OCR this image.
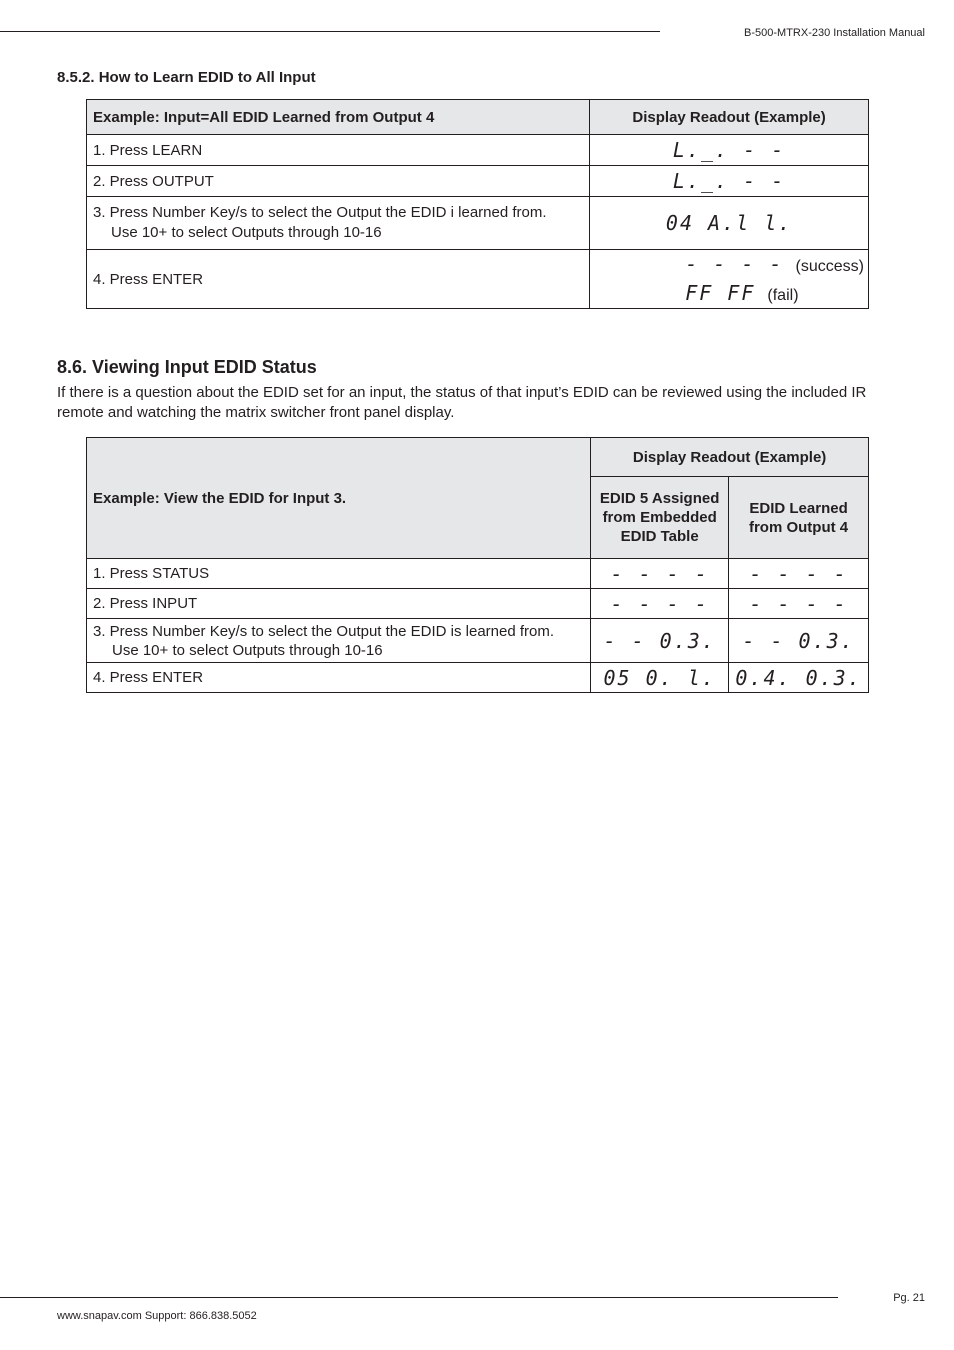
B-500-MTRX-230 Installation Manual
8.5.2. How to Learn EDID to All Input
Example: Input=All EDID Learned from Output 4	Display Readout (Example)
1. Press LEARN	L._. - -
2. Press OUTPUT	L._. - -
3. Press Number Key/s to select the Output the EDID i learned from.
Use 10+ to select Outputs through 10-16	04 A.l l.
4. Press ENTER	- - - - (success)
FF FF (fail)
8.6. Viewing Input EDID Status
If there is a question about the EDID set for an input, the status of that input’s EDID can be reviewed using the included IR remote and watching the matrix switcher front panel display.
Example: View the EDID for Input 3.	Display Readout (Example)	
	EDID 5 Assigned from Embedded EDID Table	EDID Learned from Output 4
1. Press STATUS	- - - -	- - - -
2. Press INPUT	- - - -	- - - -
3. Press Number Key/s to select the Output the EDID is learned from.
Use 10+ to select Outputs through 10-16	- - 0.3.	- - 0.3.
4. Press ENTER	05 0. l.	0.4. 0.3.
Pg. 21
www.snapav.com Support: 866.838.5052
